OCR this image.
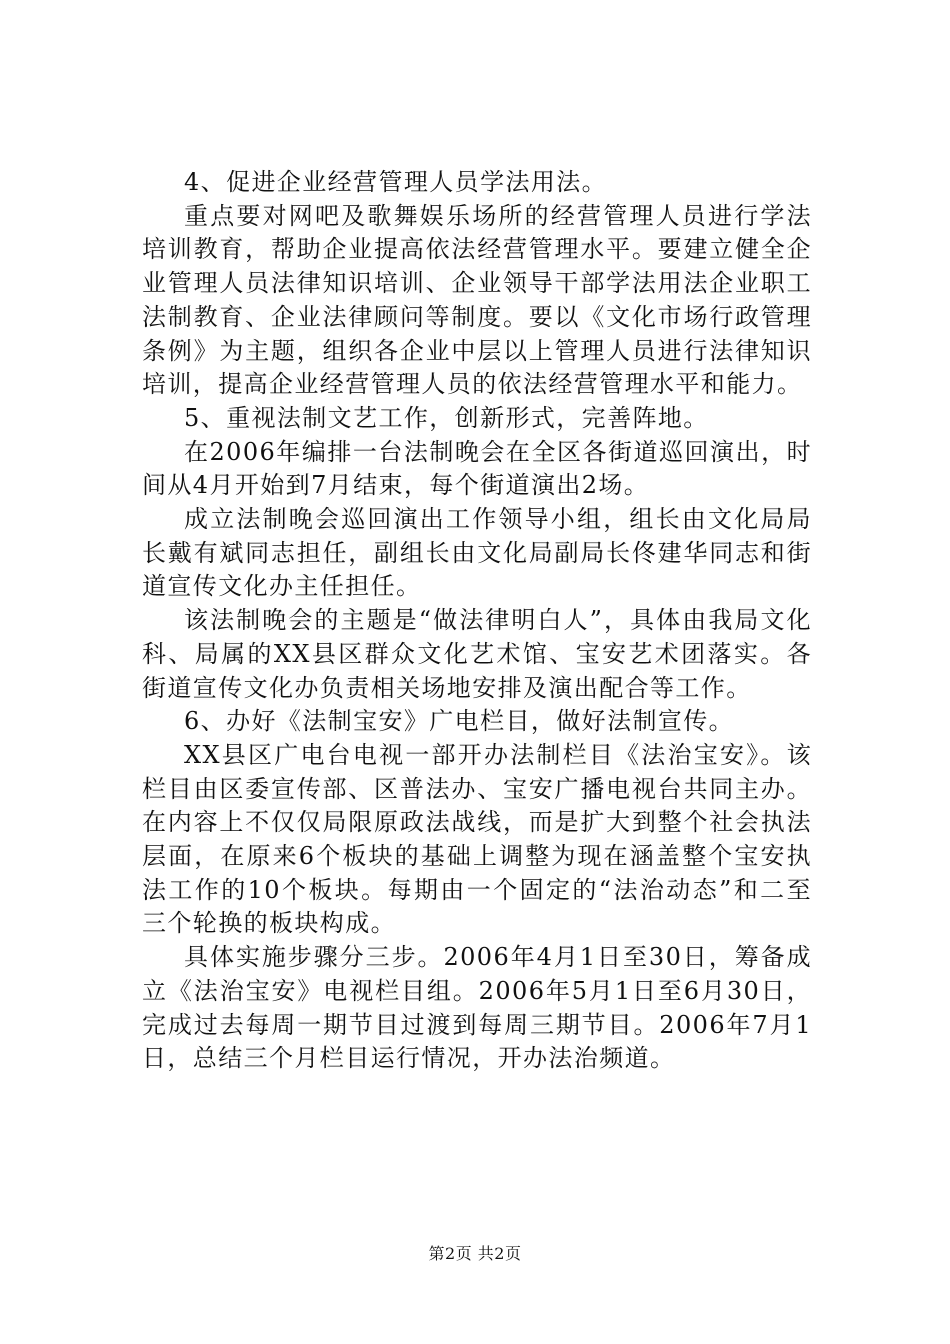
4、促进企业经营管理人员学法用法。

重点要对网吧及歌舞娱乐场所的经营管理人员进行学法培训教育，帮助企业提高依法经营管理水平。要建立健全企业管理人员法律知识培训、企业领导干部学法用法企业职工法制教育、企业法律顾问等制度。要以《文化市场行政管理条例》为主题，组织各企业中层以上管理人员进行法律知识培训，提高企业经营管理人员的依法经营管理水平和能力。

5、重视法制文艺工作，创新形式，完善阵地。

在2006年编排一台法制晚会在全区各街道巡回演出，时间从4月开始到7月结束，每个街道演出2场。

成立法制晚会巡回演出工作领导小组，组长由文化局局长戴有斌同志担任，副组长由文化局副局长佟建华同志和街道宣传文化办主任担任。

该法制晚会的主题是“做法律明白人”，具体由我局文化科、局属的XX县区群众文化艺术馆、宝安艺术团落实。各街道宣传文化办负责相关场地安排及演出配合等工作。

6、办好《法制宝安》广电栏目，做好法制宣传。

XX县区广电台电视一部开办法制栏目《法治宝安》。该栏目由区委宣传部、区普法办、宝安广播电视台共同主办。在内容上不仅仅局限原政法战线，而是扩大到整个社会执法层面，在原来6个板块的基础上调整为现在涵盖整个宝安执法工作的10个板块。每期由一个固定的“法治动态”和二至三个轮换的板块构成。

具体实施步骤分三步。2006年4月1日至30日，筹备成立《法治宝安》电视栏目组。2006年5月1日至6月30日，完成过去每周一期节目过渡到每周三期节目。2006年7月1日，总结三个月栏目运行情况，开办法治频道。

第2页 共2页
